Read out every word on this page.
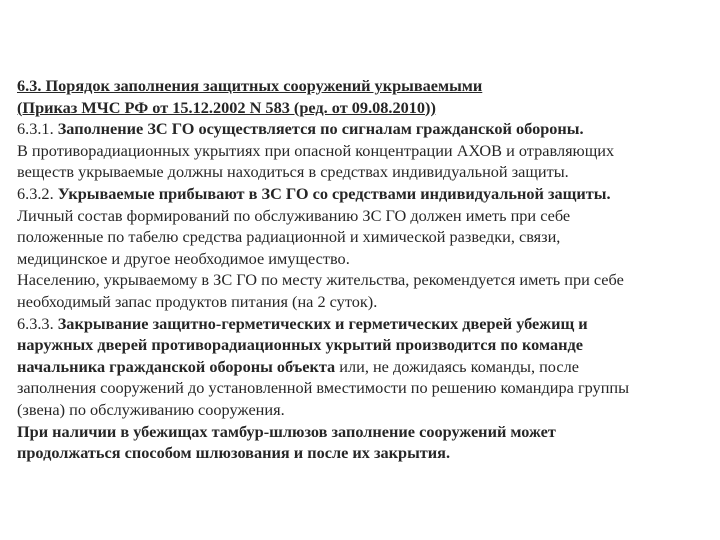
6.3. Порядок заполнения защитных сооружений укрываемыми
(Приказ МЧС РФ от 15.12.2002 N 583 (ред. от 09.08.2010))
6.3.1. Заполнение ЗС ГО осуществляется по сигналам гражданской обороны.
В противорадиационных укрытиях при опасной концентрации АХОВ и отравляющих
веществ укрываемые должны находиться в средствах индивидуальной защиты.
6.3.2. Укрываемые прибывают в ЗС ГО со средствами индивидуальной защиты.
Личный состав формирований по обслуживанию ЗС ГО должен иметь при себе
положенные по табелю средства радиационной и химической разведки, связи,
медицинское и другое необходимое имущество.
Населению, укрываемому в ЗС ГО по месту жительства, рекомендуется иметь при себе
необходимый запас продуктов питания (на 2 суток).
6.3.3. Закрывание защитно-герметических и герметических дверей убежищ и
наружных дверей противорадиационных укрытий производится по команде
начальника гражданской обороны объекта или, не дожидаясь команды, после
заполнения сооружений до установленной вместимости по решению командира группы
(звена) по обслуживанию сооружения.
При наличии в убежищах тамбур-шлюзов заполнение сооружений может
продолжаться способом шлюзования и после их закрытия.
